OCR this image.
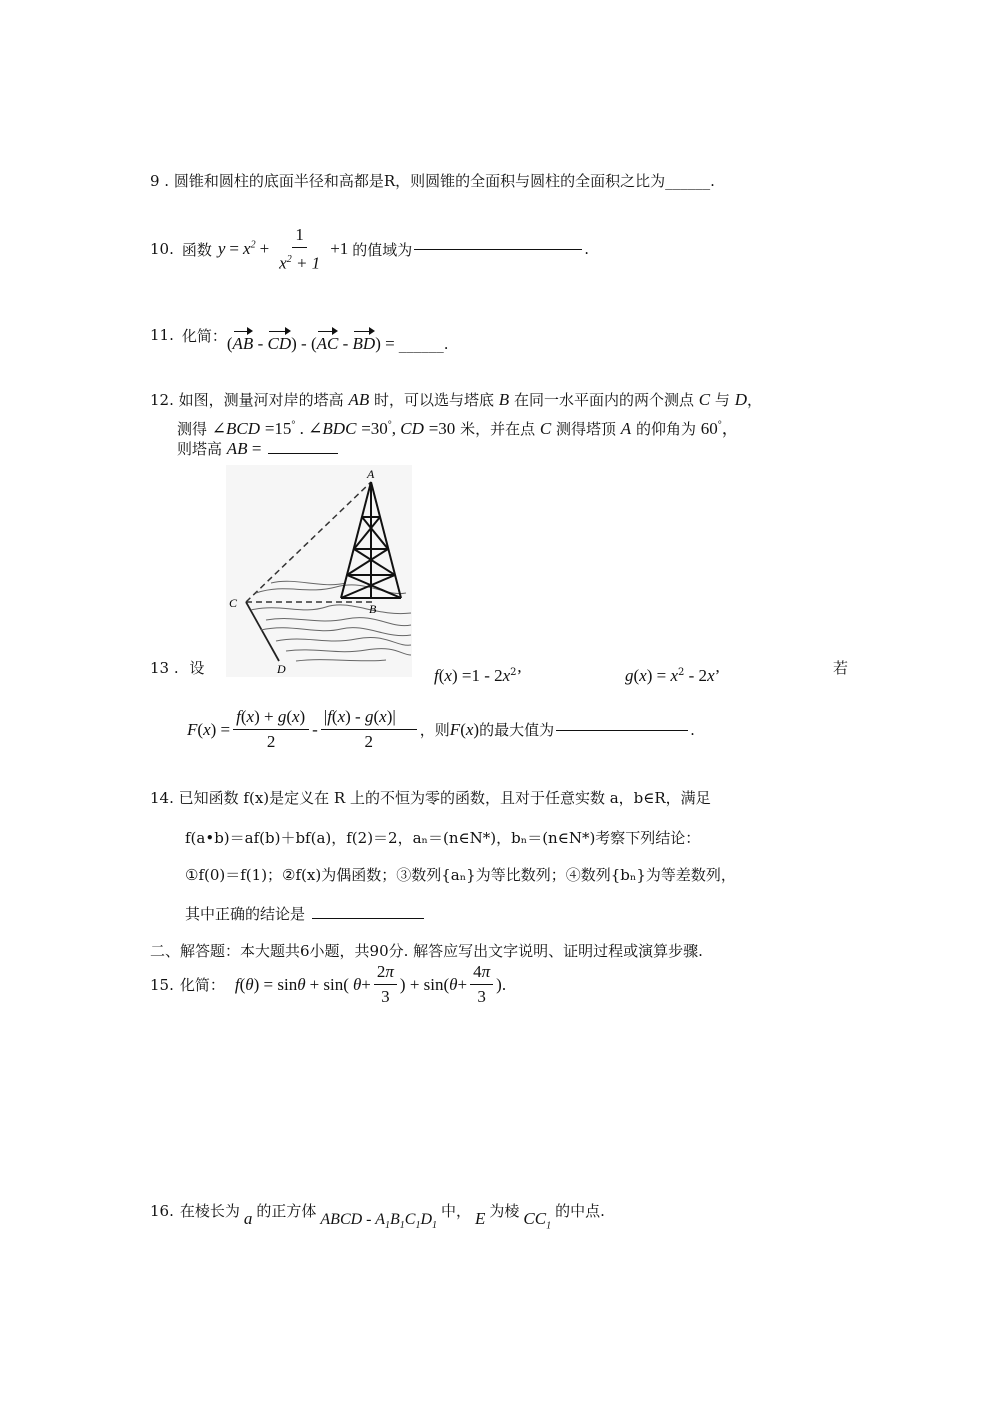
9 . 圆锥和圆柱的底面半径和高都是R，则圆锥的全面积与圆柱的全面积之比为______.
10. 函数 $y = x^2 + \frac{1}{x^2 + 1} +1$ 的值域为	.
11. 化简： (AB - CD) - (AC - BD) = ______.
12. 如图，测量河对岸的塔高 AB 时，可以选与塔底 B 在同一水平面内的两个测点 C 与 D，
测得 ∠BCD =15° . ∠BDC =30°, CD =30 米，并在点 C 测得塔顶 A 的仰角为 60°，
则塔高 AB =
A
B
C
D
13 . 设	$f(x) =1 - 2x^2$’	$g(x) = x^2 - 2x$’	若
F ( x ) = $\frac{f(x) + g(x)}{2} - \frac{|f(x) - g(x)|}{2}$ ，则 F ( x ) 的最大值为	.
14. 已知函数 f(x)是定义在 R 上的不恒为零的函数，且对于任意实数 a，b∈R，满足
f(a•b)＝af(b)＋bf(a)，f(2)＝2，aₙ＝(n∈N*)，bₙ＝(n∈N*)考察下列结论：
①f(0)＝f(1)；②f(x)为偶函数；③数列{aₙ}为等比数列；④数列{bₙ}为等差数列，
其中正确的结论是
二、解答题：本大题共6小题，共90分. 解答应写出文字说明、证明过程或演算步骤.
15. 化简： f ( θ ) = sin θ + sin( $\theta + \frac{2\pi}{3}$ ) + sin( $\theta + \frac{4\pi}{3}$ ).
16. 在棱长为 a 的正方体 ABCD - $A_1B_1C_1D_1$
中， E 为棱 $CC_1$
的中点.
